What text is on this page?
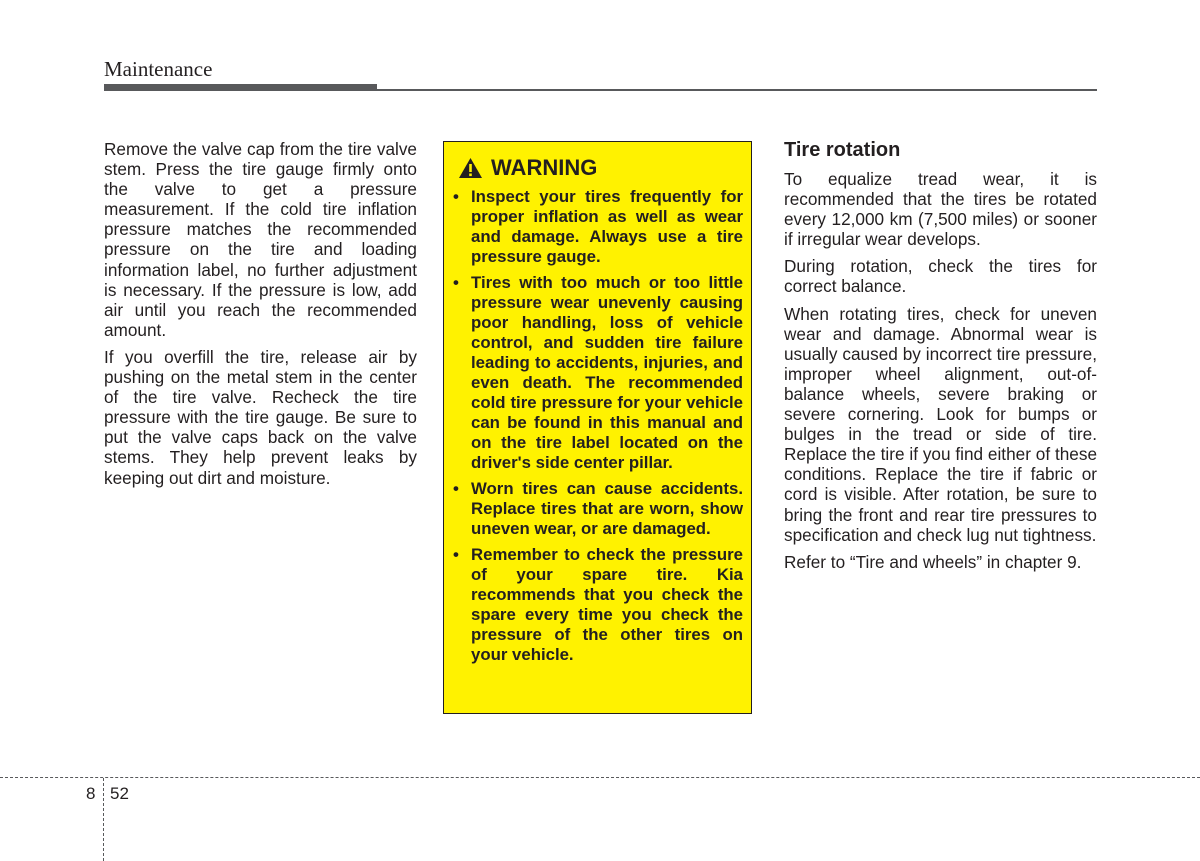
Maintenance

Remove the valve cap from the tire valve stem. Press the tire gauge firmly onto the valve to get a pressure measurement. If the cold tire inflation pressure matches the recommended pressure on the tire and loading information label, no further adjustment is necessary. If the pressure is low, add air until you reach the recommended amount.

If you overfill the tire, release air by pushing on the metal stem in the center of the tire valve. Recheck the tire pressure with the tire gauge. Be sure to put the valve caps back on the valve stems. They help prevent leaks by keeping out dirt and moisture.

WARNING
• Inspect your tires frequently for proper inflation as well as wear and damage. Always use a tire pressure gauge.
• Tires with too much or too little pressure wear unevenly causing poor handling, loss of vehicle control, and sudden tire failure leading to accidents, injuries, and even death. The recommended cold tire pressure for your vehicle can be found in this manual and on the tire label located on the driver's side center pillar.
• Worn tires can cause accidents. Replace tires that are worn, show uneven wear, or are damaged.
• Remember to check the pressure of your spare tire. Kia recommends that you check the spare every time you check the pressure of the other tires on your vehicle.
Tire rotation

To equalize tread wear, it is recommended that the tires be rotated every 12,000 km (7,500 miles) or sooner if irregular wear develops.

During rotation, check the tires for correct balance.

When rotating tires, check for uneven wear and damage. Abnormal wear is usually caused by incorrect tire pressure, improper wheel alignment, out-of-balance wheels, severe braking or severe cornering. Look for bumps or bulges in the tread or side of tire. Replace the tire if you find either of these conditions. Replace the tire if fabric or cord is visible. After rotation, be sure to bring the front and rear tire pressures to specification and check lug nut tightness.

Refer to “Tire and wheels” in chapter 9.

8 52
